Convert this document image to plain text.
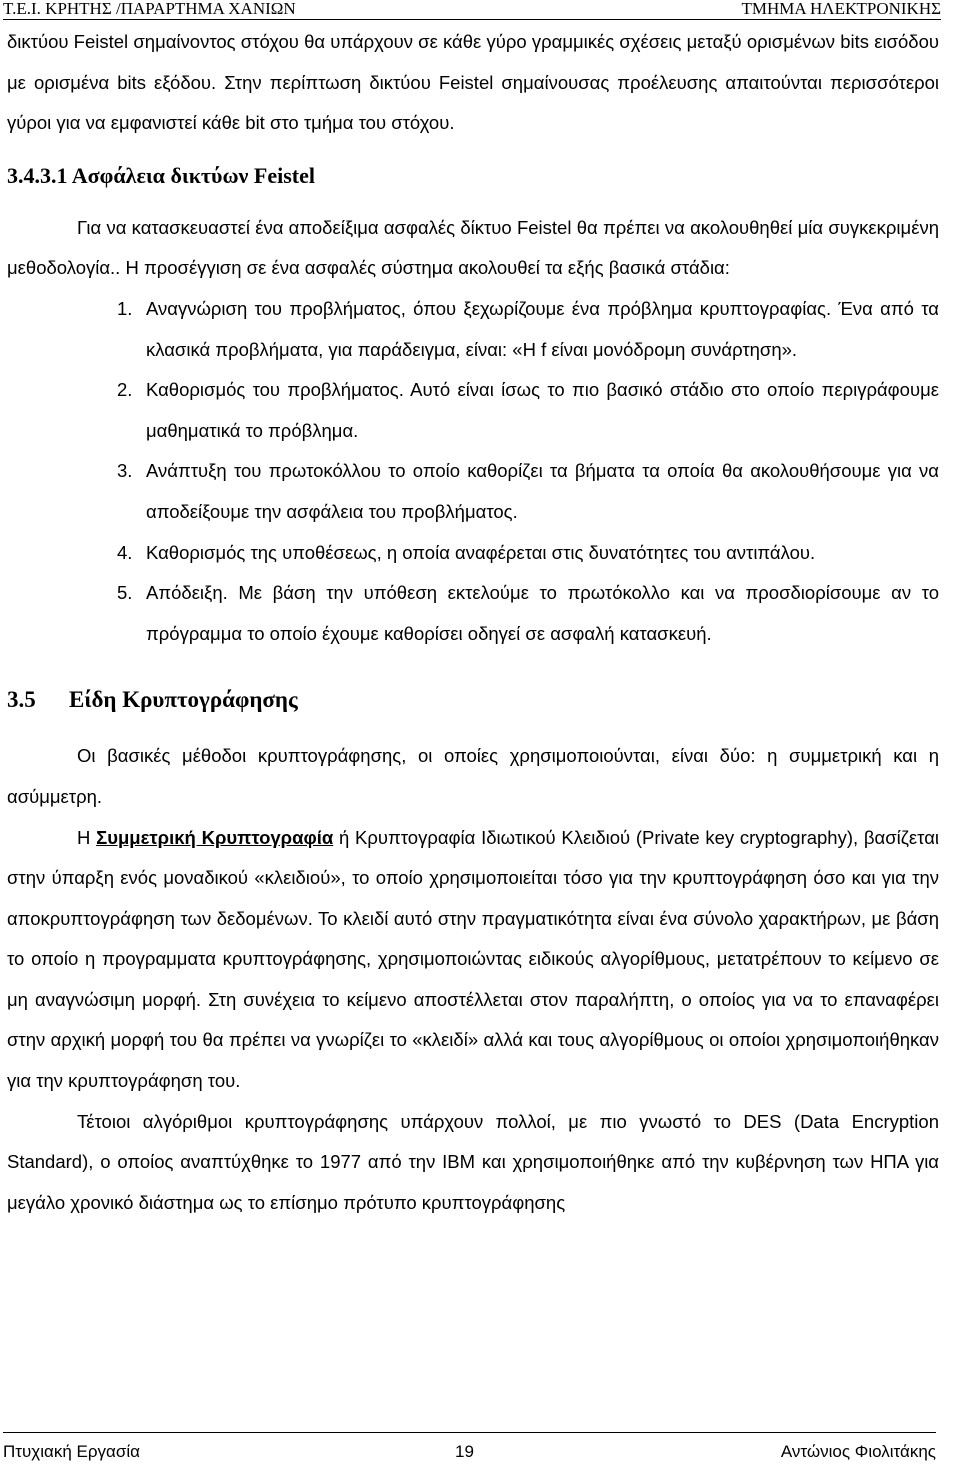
Τ.Ε.Ι. ΚΡΗΤΗΣ /ΠΑΡΑΡΤΗΜΑ ΧΑΝΙΩΝ	ΤΜΗΜΑ ΗΛΕΚΤΡΟΝΙΚΗΣ

δικτύου Feistel σημαίνοντος στόχου θα υπάρχουν σε κάθε γύρο γραμμικές σχέσεις μεταξύ ορισμένων bits εισόδου με ορισμένα bits εξόδου. Στην περίπτωση δικτύου Feistel σημαίνουσας προέλευσης απαιτούνται περισσότεροι γύροι για να εμφανιστεί κάθε bit στο τμήμα του στόχου.

3.4.3.1 Ασφάλεια δικτύων Feistel

Για να κατασκευαστεί ένα αποδείξιμα ασφαλές δίκτυο Feistel θα πρέπει να ακολουθηθεί μία συγκεκριμένη μεθοδολογία.. Η προσέγγιση σε ένα ασφαλές σύστημα ακολουθεί τα εξής βασικά στάδια:

1. Αναγνώριση του προβλήματος, όπου ξεχωρίζουμε ένα πρόβλημα κρυπτογραφίας. Ένα από τα κλασικά προβλήματα, για παράδειγμα, είναι: «H f είναι μονόδρομη συνάρτηση».
2. Καθορισμός του προβλήματος. Αυτό είναι ίσως το πιο βασικό στάδιο στο οποίο περιγράφουμε μαθηματικά το πρόβλημα.
3. Ανάπτυξη του πρωτοκόλλου το οποίο καθορίζει τα βήματα τα οποία θα ακολουθήσουμε για να αποδείξουμε την ασφάλεια του προβλήματος.
4. Καθορισμός της υποθέσεως, η οποία αναφέρεται στις δυνατότητες του αντιπάλου.
5. Απόδειξη. Με βάση την υπόθεση εκτελούμε το πρωτόκολλο και να προσδιορίσουμε αν το πρόγραμμα το οποίο έχουμε καθορίσει οδηγεί σε ασφαλή κατασκευή.
3.5 Είδη Κρυπτογράφησης

Οι βασικές μέθοδοι κρυπτογράφησης, οι οποίες χρησιμοποιούνται, είναι δύο: η συμμετρική και η ασύμμετρη.

Η Συμμετρική Κρυπτογραφία ή Κρυπτογραφία Ιδιωτικού Κλειδιού (Private key cryptography), βασίζεται στην ύπαρξη ενός μοναδικού «κλειδιού», το οποίο χρησιμοποιείται τόσο για την κρυπτογράφηση όσο και για την αποκρυπτογράφηση των δεδομένων. Το κλειδί αυτό στην πραγματικότητα είναι ένα σύνολο χαρακτήρων, με βάση το οποίο η προγραμματα κρυπτογράφησης, χρησιμοποιώντας ειδικούς αλγορίθμους, μετατρέπουν το κείμενο σε μη αναγνώσιμη μορφή. Στη συνέχεια το κείμενο αποστέλλεται στον παραλήπτη, ο οποίος για να το επαναφέρει στην αρχική μορφή του θα πρέπει να γνωρίζει το «κλειδί» αλλά και τους αλγορίθμους οι οποίοι χρησιμοποιήθηκαν για την κρυπτογράφηση του.

Τέτοιοι αλγόριθμοι κρυπτογράφησης υπάρχουν πολλοί, με πιο γνωστό το DES (Data Encryption Standard), ο οποίος αναπτύχθηκε το 1977 από την IBM και χρησιμοποιήθηκε από την κυβέρνηση των ΗΠΑ για μεγάλο χρονικό διάστημα ως το επίσημο πρότυπο κρυπτογράφησης

Πτυχιακή Εργασία	19	Αντώνιος Φιολιτάκης
